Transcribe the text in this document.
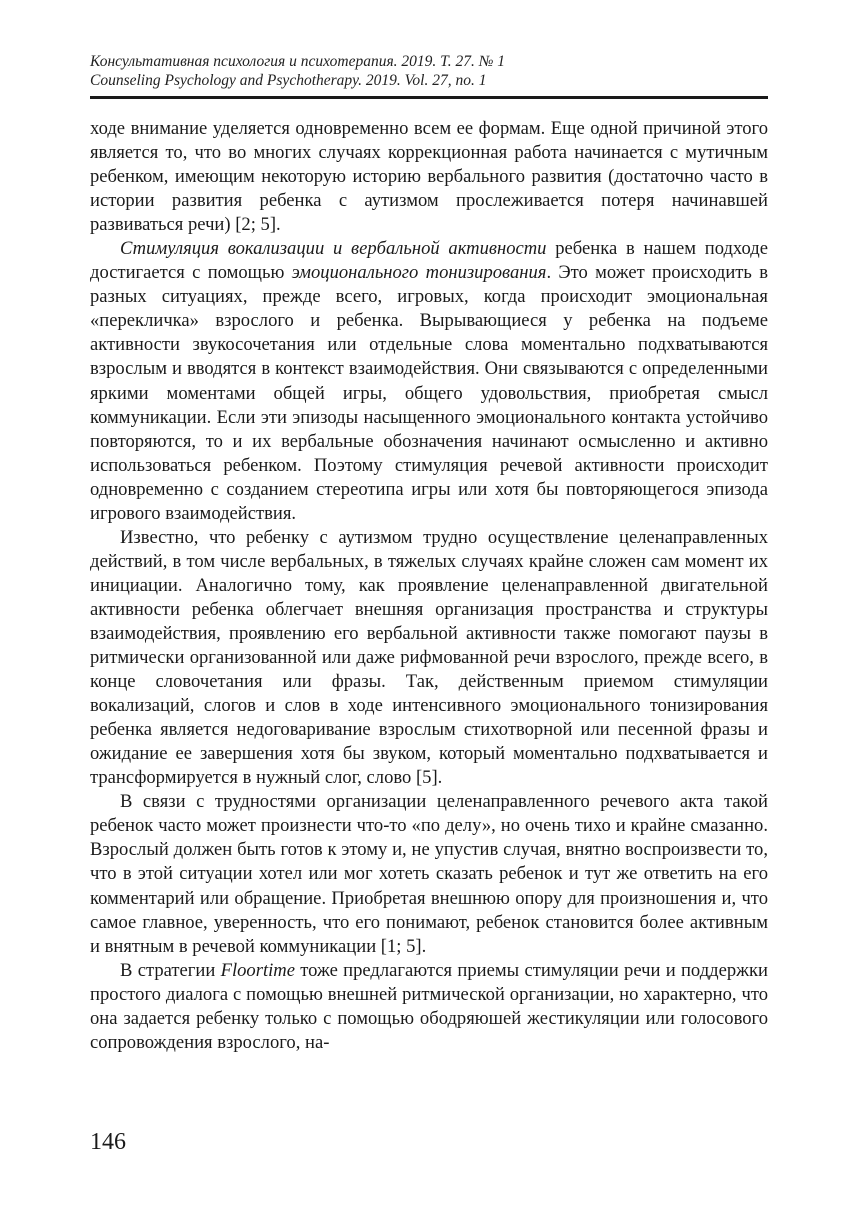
Консультативная психология и психотерапия. 2019. Т. 27. № 1
Counseling Psychology and Psychotherapy. 2019. Vol. 27, no. 1

ходе внимание уделяется одновременно всем ее формам. Еще одной причиной этого является то, что во многих случаях коррекционная работа начинается с мутичным ребенком, имеющим некоторую историю вербального развития (достаточно часто в истории развития ребенка с аутизмом прослеживается потеря начинавшей развиваться речи) [2; 5].

Стимуляция вокализации и вербальной активности ребенка в нашем подходе достигается с помощью эмоционального тонизирования. Это может происходить в разных ситуациях, прежде всего, игровых, когда происходит эмоциональная «перекличка» взрослого и ребенка. Вырывающиеся у ребенка на подъеме активности звукосочетания или отдельные слова моментально подхватываются взрослым и вводятся в контекст взаимодействия. Они связываются с определенными яркими моментами общей игры, общего удовольствия, приобретая смысл коммуникации. Если эти эпизоды насыщенного эмоционального контакта устойчиво повторяются, то и их вербальные обозначения начинают осмысленно и активно использоваться ребенком. Поэтому стимуляция речевой активности происходит одновременно с созданием стереотипа игры или хотя бы повторяющегося эпизода игрового взаимодействия.

Известно, что ребенку с аутизмом трудно осуществление целенаправленных действий, в том числе вербальных, в тяжелых случаях крайне сложен сам момент их инициации. Аналогично тому, как проявление целенаправленной двигательной активности ребенка облегчает внешняя организация пространства и структуры взаимодействия, проявлению его вербальной активности также помогают паузы в ритмически организованной или даже рифмованной речи взрослого, прежде всего, в конце словочетания или фразы. Так, действенным приемом стимуляции вокализаций, слогов и слов в ходе интенсивного эмоционального тонизирования ребенка является недоговаривание взрослым стихотворной или песенной фразы и ожидание ее завершения хотя бы звуком, который моментально подхватывается и трансформируется в нужный слог, слово [5].

В связи с трудностями организации целенаправленного речевого акта такой ребенок часто может произнести что-то «по делу», но очень тихо и крайне смазанно. Взрослый должен быть готов к этому и, не упустив случая, внятно воспроизвести то, что в этой ситуации хотел или мог хотеть сказать ребенок и тут же ответить на его комментарий или обращение. Приобретая внешнюю опору для произношения и, что самое главное, уверенность, что его понимают, ребенок становится более активным и внятным в речевой коммуникации [1; 5].

В стратегии Floortime тоже предлагаются приемы стимуляции речи и поддержки простого диалога с помощью внешней ритмической организации, но характерно, что она задается ребенку только с помощью ободряюшей жестикуляции или голосового сопровождения взрослого, на-

146
